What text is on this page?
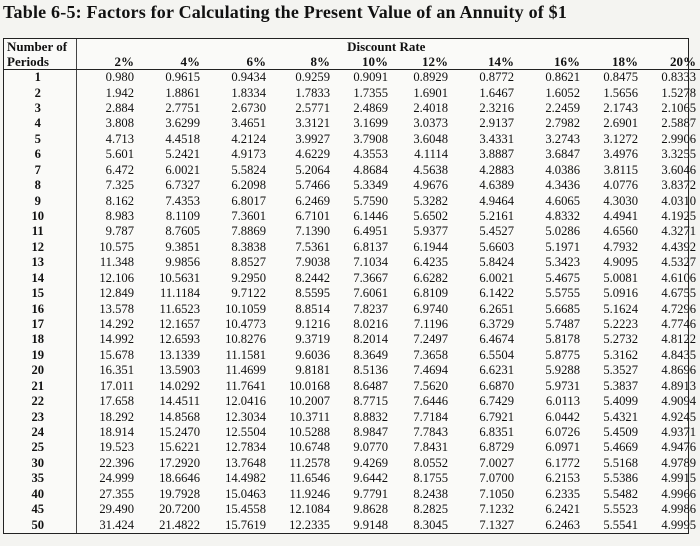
Table 6-5: Factors for Calculating the Present Value of an Annuity of $1
Number of	Discount Rate									
Periods	2%	4%	6%	8%	10%	12%	14%	16%	18%	20%
1	0.980	0.9615	0.9434	0.9259	0.9091	0.8929	0.8772	0.8621	0.8475	0.8333
2	1.942	1.8861	1.8334	1.7833	1.7355	1.6901	1.6467	1.6052	1.5656	1.5278
3	2.884	2.7751	2.6730	2.5771	2.4869	2.4018	2.3216	2.2459	2.1743	2.1065
4	3.808	3.6299	3.4651	3.3121	3.1699	3.0373	2.9137	2.7982	2.6901	2.5887
5	4.713	4.4518	4.2124	3.9927	3.7908	3.6048	3.4331	3.2743	3.1272	2.9906
6	5.601	5.2421	4.9173	4.6229	4.3553	4.1114	3.8887	3.6847	3.4976	3.3255
7	6.472	6.0021	5.5824	5.2064	4.8684	4.5638	4.2883	4.0386	3.8115	3.6046
8	7.325	6.7327	6.2098	5.7466	5.3349	4.9676	4.6389	4.3436	4.0776	3.8372
9	8.162	7.4353	6.8017	6.2469	5.7590	5.3282	4.9464	4.6065	4.3030	4.0310
10	8.983	8.1109	7.3601	6.7101	6.1446	5.6502	5.2161	4.8332	4.4941	4.1925
11	9.787	8.7605	7.8869	7.1390	6.4951	5.9377	5.4527	5.0286	4.6560	4.3271
12	10.575	9.3851	8.3838	7.5361	6.8137	6.1944	5.6603	5.1971	4.7932	4.4392
13	11.348	9.9856	8.8527	7.9038	7.1034	6.4235	5.8424	5.3423	4.9095	4.5327
14	12.106	10.5631	9.2950	8.2442	7.3667	6.6282	6.0021	5.4675	5.0081	4.6106
15	12.849	11.1184	9.7122	8.5595	7.6061	6.8109	6.1422	5.5755	5.0916	4.6755
16	13.578	11.6523	10.1059	8.8514	7.8237	6.9740	6.2651	5.6685	5.1624	4.7296
17	14.292	12.1657	10.4773	9.1216	8.0216	7.1196	6.3729	5.7487	5.2223	4.7746
18	14.992	12.6593	10.8276	9.3719	8.2014	7.2497	6.4674	5.8178	5.2732	4.8122
19	15.678	13.1339	11.1581	9.6036	8.3649	7.3658	6.5504	5.8775	5.3162	4.8435
20	16.351	13.5903	11.4699	9.8181	8.5136	7.4694	6.6231	5.9288	5.3527	4.8696
21	17.011	14.0292	11.7641	10.0168	8.6487	7.5620	6.6870	5.9731	5.3837	4.8913
22	17.658	14.4511	12.0416	10.2007	8.7715	7.6446	6.7429	6.0113	5.4099	4.9094
23	18.292	14.8568	12.3034	10.3711	8.8832	7.7184	6.7921	6.0442	5.4321	4.9245
24	18.914	15.2470	12.5504	10.5288	8.9847	7.7843	6.8351	6.0726	5.4509	4.9371
25	19.523	15.6221	12.7834	10.6748	9.0770	7.8431	6.8729	6.0971	5.4669	4.9476
30	22.396	17.2920	13.7648	11.2578	9.4269	8.0552	7.0027	6.1772	5.5168	4.9789
35	24.999	18.6646	14.4982	11.6546	9.6442	8.1755	7.0700	6.2153	5.5386	4.9915
40	27.355	19.7928	15.0463	11.9246	9.7791	8.2438	7.1050	6.2335	5.5482	4.9966
45	29.490	20.7200	15.4558	12.1084	9.8628	8.2825	7.1232	6.2421	5.5523	4.9986
50	31.424	21.4822	15.7619	12.2335	9.9148	8.3045	7.1327	6.2463	5.5541	4.9995
